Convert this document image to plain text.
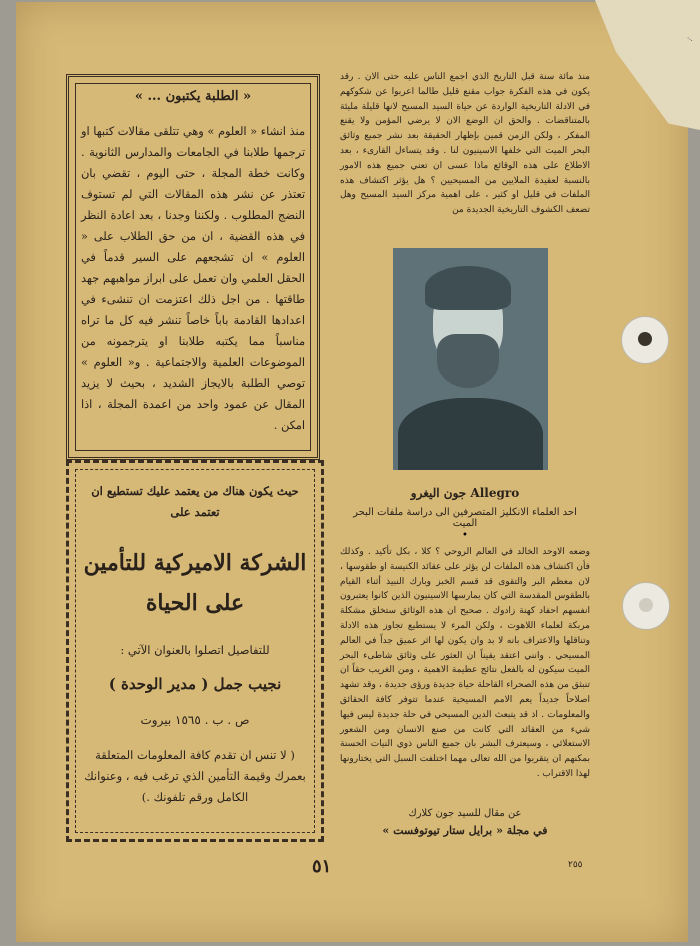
« الطلبة يكتبون ... »
منذ انشاء « العلوم » وهي تتلقى مقالات كتبها او ترجمها طلابنا في الجامعات والمدارس الثانوية . وكانت خطة المجلة ، حتى اليوم ، تقضي بان تعتذر عن نشر هذه المقالات التي لم تستوف النضج المطلوب . ولكننا وجدنا ، بعد اعادة النظر في هذه القضية ، ان من حق الطلاب على « العلوم » ان تشجعهم على السير قدماً في الحقل العلمي وان تعمل على ابراز مواهبهم جهد طاقتها . من اجل ذلك اعتزمت ان تنشىء في اعدادها القادمة باباً خاصاً تنشر فيه كل ما تراه مناسباً مما يكتبه طلابنا او يترجمونه من الموضوعات العلمية والاجتماعية . و« العلوم » توصي الطلبة بالايجاز الشديد ، بحيث لا يزيد المقال عن عمود واحد من اعمدة المجلة ، اذا امكن .
حيث يكون هناك من يعتمد عليك تستطيع ان تعتمد على
الشركة الاميركية للتأمين على الحياة
للتفاصيل اتصلوا بالعنوان الآتي :
نجيب جمل ( مدير الوحدة )
ص . ب . ١٥٦٥ بيروت
( لا تنس ان تقدم كافة المعلومات المتعلقة بعمرك وقيمة التأمين الذي ترغب فيه ، وعنوانك الكامل ورقم تلفونك .)
منذ مائة سنة قبل التاريخ الذي اجمع الناس عليه حتى الان . رقد يكون في هذه الفكرة جواب مقنع قليل طالما اعربوا عن شكوكهم في الادلة التاريخية الواردة عن حياة السيد المسيح لانها قليلة مليئة بالمتناقضات . والحق ان الوضع الان لا يرضي المؤمن ولا يقنع المفكر ، ولكن الزمن قمين بإظهار الحقيقة بعد نشر جميع وثائق البحر الميت التي خلفها الاسينيون لنا . وقد يتساءل القارىء ، بعد الاطلاع على هذه الوقائع ماذا عسى ان تعني جميع هذه الامور بالنسبة لعقيدة الملايين من المسيحيين ؟ هل يؤثر اكتشاف هذه الملفات في قليل او كثير ، على اهمية مركز السيد المسيح وهل تضعف الكشوف التاريخية الجديدة من
جون اليغرو Allegro
احد العلماء الانكليز المتصرفين الى دراسة ملفات البحر الميت
•
وضعه الاوحد الخالد في العالم الروحي ؟ كلا ، بكل تأكيد . وكذلك فأن اكتشاف هذه الملفات لن يؤثر على عقائد الكنيسة او طقوسها ، لان معظم البر والتقوى قد قسم الخبز وبارك النبيذ أثناء القيام بالطقوس المقدسة التي كان يمارسها الاسينيون الذين كانوا يعتبرون انفسهم احفاد كهنة زادوك . صحيح ان هذه الوثائق ستخلق مشكلة مربكة لعلماء اللاهوت ، ولكن المرء لا يستطيع تجاوز هذه الادلة وتناقلها والاعتراف بانه لا بد وان يكون لها اثر عميق جداً في العالم المسيحي . وانني اعتقد يقيناً ان العثور على وثائق شاطىء البحر الميت سيكون له بالفعل نتائج عظيمة الاهمية ، ومن الغريب حقاً ان تنبثق من هذه الصحراء القاحلة حياة جديدة ورؤى جديدة ، وقد تشهد اصلاحاً جديداً يعم الامم المسيحية عندما تتوفر كافة الحقائق والمعلومات . اذ قد يتبعث الدين المسيحي في حلة جديدة ليس فيها شيء من العقائد التي كانت من صنع الانسان ومن الشعور الاستعلائي ، وسيعترف البشر بان جميع الناس ذوي النيات الحسنة بمكنهم ان يتقربوا من الله تعالى مهما اختلفت السبل التي يختارونها لهذا الاقتراب .
عن مقال للسيد جون كلارك
في مجلة « برايل ستار تيوتوفست »
٥١	٢٥٥
...
